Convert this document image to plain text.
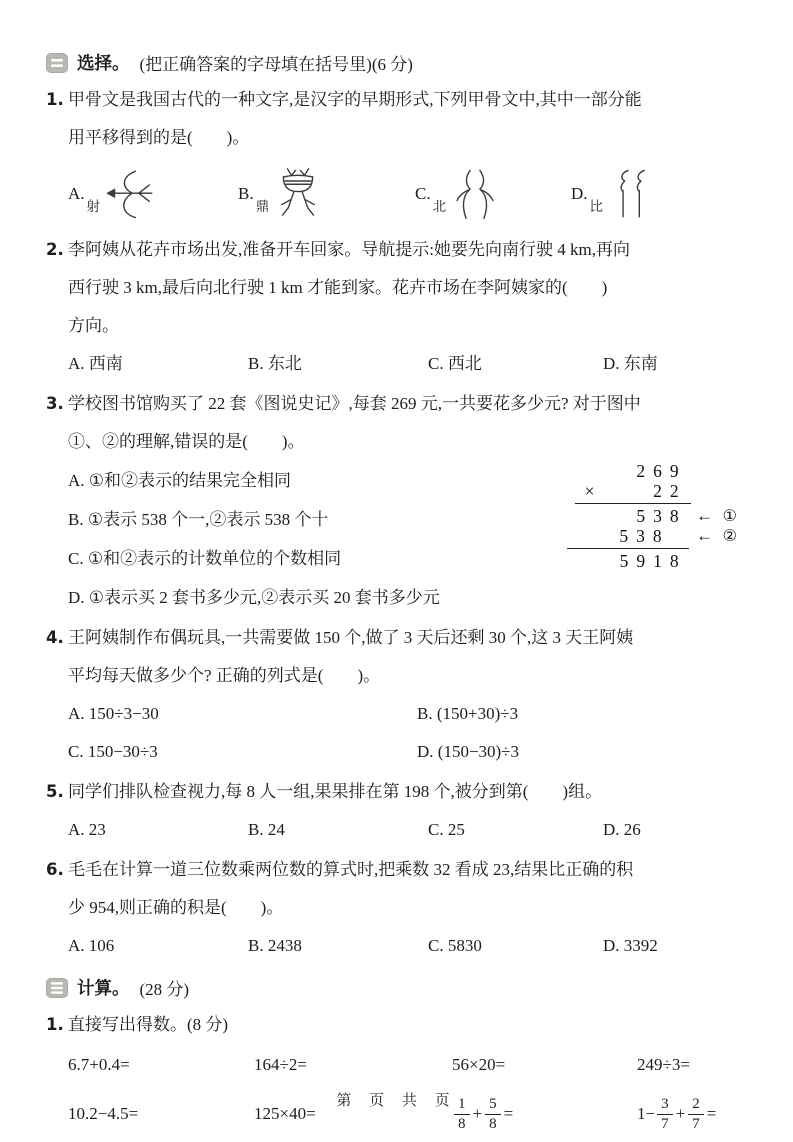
选择。 (把正确答案的字母填在括号里)(6 分)
1. 甲骨文是我国古代的一种文字,是汉字的早期形式,下列甲骨文中,其中一部分能
用平移得到的是(　　)。
A.
射
B.
鼎
C.
北
D.
比
2. 李阿姨从花卉市场出发,准备开车回家。导航提示:她要先向南行驶 4 km,再向
西行驶 3 km,最后向北行驶 1 km 才能到家。花卉市场在李阿姨家的(　　)
方向。
A. 西南	B. 东北	C. 西北	D. 东南
3. 学校图书馆购买了 22 套《图说史记》,每套 269 元,一共要花多少元? 对于图中
①、②的理解,错误的是(　　)。
A. ①和②表示的结果完全相同
B. ①表示 538 个一,②表示 538 个十
C. ①和②表示的计数单位的个数相同
D. ①表示买 2 套书多少元,②表示买 20 套书多少元
269
×	22
538 ← ①
538	← ②
5918
4. 王阿姨制作布偶玩具,一共需要做 150 个,做了 3 天后还剩 30 个,这 3 天王阿姨
平均每天做多少个? 正确的列式是(　　)。
A. 150÷3−30	B. (150+30)÷3
C. 150−30÷3	D. (150−30)÷3
5. 同学们排队检查视力,每 8 人一组,果果排在第 198 个,被分到第(　　)组。
A. 23	B. 24	C. 25	D. 26
6. 毛毛在计算一道三位数乘两位数的算式时,把乘数 32 看成 23,结果比正确的积
少 954,则正确的积是(　　)。
A. 106	B. 2438	C. 5830	D. 3392
计算。 (28 分)
1. 直接写出得数。(8 分)
6.7+0.4=	164÷2=	56×20=	249÷3=
10.2−4.5=	125×40=	$\frac{1}{8} + \frac{5}{8}$ =	$1- \frac{3}{7} + \frac{2}{7}$ =
第 页 共 页
